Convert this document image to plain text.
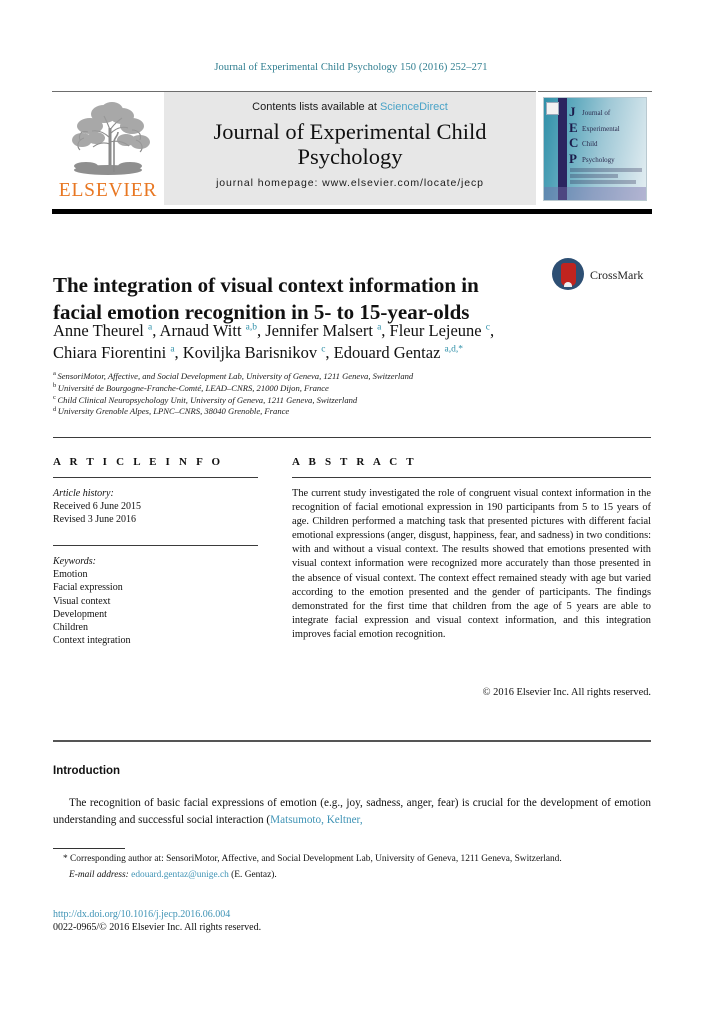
Journal of Experimental Child Psychology 150 (2016) 252–271
ELSEVIER
Contents lists available at ScienceDirect
Journal of Experimental Child Psychology
journal homepage: www.elsevier.com/locate/jecp
J
E
C
P
Journal of
Experimental
Child
Psychology
The integration of visual context information in facial emotion recognition in 5- to 15-year-olds
CrossMark
Anne Theurel $^a$, Arnaud Witt $^{a,b}$, Jennifer Malsert $^a$, Fleur Lejeune $^c$,
Chiara Fiorentini $^a$, Koviljka Barisnikov $^c$, Edouard Gentaz $^{a,d,*}$
$^a$ SensoriMotor, Affective, and Social Development Lab, University of Geneva, 1211 Geneva, Switzerland
$^b$ Université de Bourgogne-Franche-Comté, LEAD–CNRS, 21000 Dijon, France
$^c$ Child Clinical Neuropsychology Unit, University of Geneva, 1211 Geneva, Switzerland
$^d$ University Grenoble Alpes, LPNC–CNRS, 38040 Grenoble, France
A R T I C L E I N F O	A B S T R A C T
Article history:
Received 6 June 2015
Revised 3 June 2016
Keywords:
Emotion
Facial expression
Visual context
Development
Children
Context integration
The current study investigated the role of congruent visual context information in the recognition of facial emotional expression in 190 participants from 5 to 15 years of age. Children performed a matching task that presented pictures with different facial emotional expressions (anger, disgust, happiness, fear, and sadness) in two conditions: with and without a visual context. The results showed that emotions presented with visual context information were recognized more accurately than those presented in the absence of visual context. The context effect remained steady with age but varied according to the emotion presented and the gender of participants. The findings demonstrated for the first time that children from the age of 5 years are able to integrate facial expression and visual context information, and this integration improves facial emotion recognition.
© 2016 Elsevier Inc. All rights reserved.
Introduction
The recognition of basic facial expressions of emotion (e.g., joy, sadness, anger, fear) is crucial for the development of emotion understanding and successful social interaction (Matsumoto, Keltner,
* Corresponding author at: SensoriMotor, Affective, and Social Development Lab, University of Geneva, 1211 Geneva, Switzerland.
E-mail address: edouard.gentaz@unige.ch (E. Gentaz).
http://dx.doi.org/10.1016/j.jecp.2016.06.004
0022-0965/© 2016 Elsevier Inc. All rights reserved.
